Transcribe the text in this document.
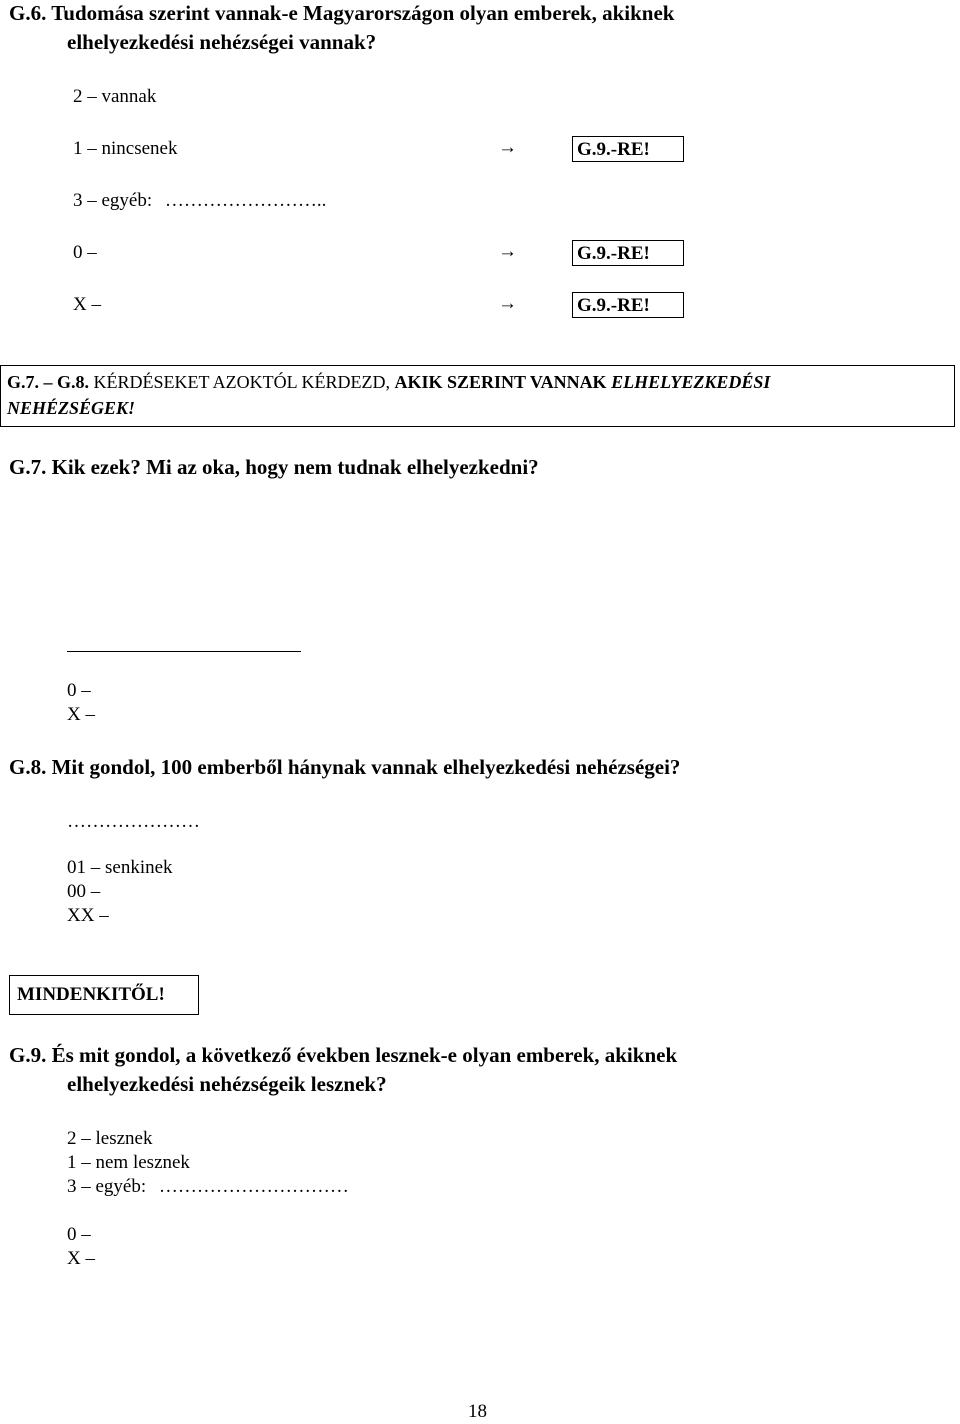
G.6. Tudomása szerint vannak-e Magyarországon olyan emberek, akiknek
elhelyezkedési nehézségei vannak?
2 – vannak
1 – nincsenek
3 – egyéb: ……………………..
0 –
X –
→
→
→
G.9.-RE!
G.9.-RE!
G.9.-RE!
G.7. – G.8. KÉRDÉSEKET AZOKTÓL KÉRDEZD, AKIK SZERINT VANNAK ELHELYEZKEDÉSI
NEHÉZSÉGEK!
G.7. Kik ezek? Mi az oka, hogy nem tudnak elhelyezkedni?
0 –
X –
G.8. Mit gondol, 100 emberből hánynak vannak elhelyezkedési nehézségei?
…………………
01 – senkinek
00 –
XX –
MINDENKITŐL!
G.9. És mit gondol, a következő években lesznek-e olyan emberek, akiknek
elhelyezkedési nehézségeik lesznek?
2 – lesznek
1 – nem lesznek
3 – egyéb: …………………………
0 –
X –
18
